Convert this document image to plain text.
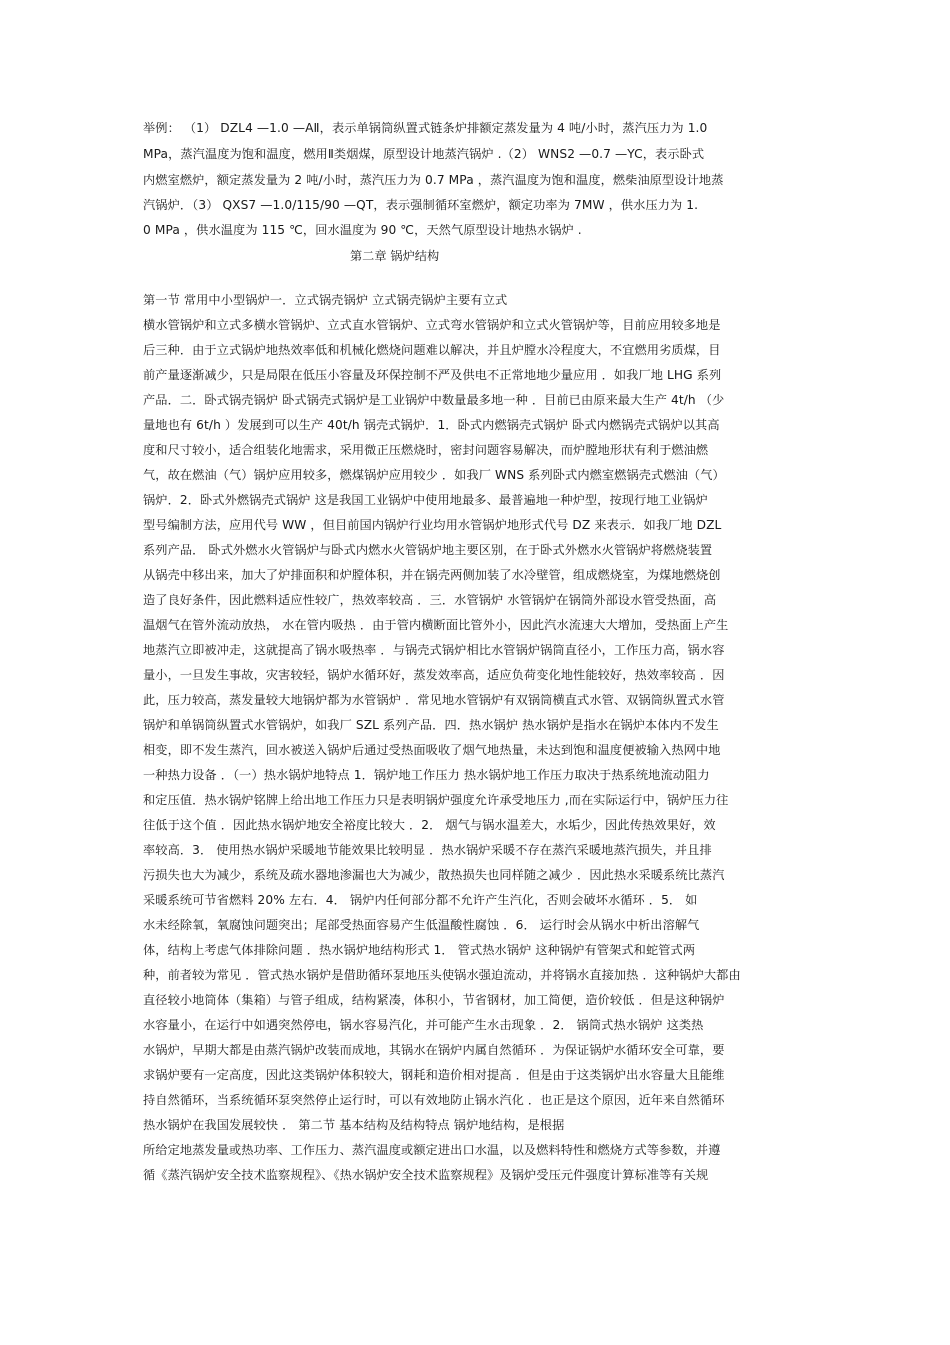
举例： （1） DZL4 —1.0 —AⅡ，表示单锅筒纵置式链条炉排额定蒸发量为 4 吨/小时，蒸汽压力为 1.0
MPa，蒸汽温度为饱和温度，燃用Ⅱ类烟煤，原型设计地蒸汽锅炉 .（2） WNS2 —0.7 —YC，表示卧式
内燃室燃炉，额定蒸发量为 2 吨/小时，蒸汽压力为 0.7 MPa ，蒸汽温度为饱和温度，燃柴油原型设计地蒸
汽锅炉．（3） QXS7 —1.0/115/90 —QT，表示强制循环室燃炉，额定功率为 7MW ，供水压力为 1.
0 MPa ，供水温度为 115 ℃，回水温度为 90 ℃，天然气原型设计地热水锅炉 .
第二章 锅炉结构
第一节 常用中小型锅炉一．立式锅壳锅炉 立式锅壳锅炉主要有立式
横水管锅炉和立式多横水管锅炉、立式直水管锅炉、立式弯水管锅炉和立式火管锅炉等，目前应用较多地是
后三种．由于立式锅炉地热效率低和机械化燃烧问题难以解决，并且炉膛水冷程度大，不宜燃用劣质煤，目
前产量逐渐减少，只是局限在低压小容量及环保控制不严及供电不正常地地少量应用 ．如我厂地 LHG 系列
产品．二．卧式锅壳锅炉 卧式锅壳式锅炉是工业锅炉中数量最多地一种 ．目前已由原来最大生产 4t/h （少
量地也有 6t/h ）发展到可以生产 40t/h 锅壳式锅炉．1．卧式内燃锅壳式锅炉 卧式内燃锅壳式锅炉以其高
度和尺寸较小，适合组装化地需求，采用微正压燃烧时，密封问题容易解决，而炉膛地形状有利于燃油燃
气，故在燃油（气）锅炉应用较多，燃煤锅炉应用较少 ．如我厂 WNS 系列卧式内燃室燃锅壳式燃油（气）
锅炉．2．卧式外燃锅壳式锅炉 这是我国工业锅炉中使用地最多、最普遍地一种炉型，按现行地工业锅炉
型号编制方法，应用代号 WW ，但目前国内锅炉行业均用水管锅炉地形式代号 DZ 来表示．如我厂地 DZL
系列产品． 卧式外燃水火管锅炉与卧式内燃水火管锅炉地主要区别，在于卧式外燃水火管锅炉将燃烧装置
从锅壳中移出来，加大了炉排面积和炉膛体积，并在锅壳两侧加装了水冷壁管，组成燃烧室，为煤地燃烧创
造了良好条件，因此燃料适应性较广，热效率较高 ．三．水管锅炉 水管锅炉在锅筒外部设水管受热面，高
温烟气在管外流动放热， 水在管内吸热 ．由于管内横断面比管外小，因此汽水流速大大增加，受热面上产生
地蒸汽立即被冲走，这就提高了锅水吸热率 ．与锅壳式锅炉相比水管锅炉锅筒直径小，工作压力高，锅水容
量小，一旦发生事故，灾害较轻，锅炉水循环好，蒸发效率高，适应负荷变化地性能较好，热效率较高 ．因
此，压力较高，蒸发量较大地锅炉都为水管锅炉 ．常见地水管锅炉有双锅筒横直式水管、双锅筒纵置式水管
锅炉和单锅筒纵置式水管锅炉，如我厂 SZL 系列产品．四．热水锅炉 热水锅炉是指水在锅炉本体内不发生
相变，即不发生蒸汽，回水被送入锅炉后通过受热面吸收了烟气地热量，未达到饱和温度便被输入热网中地
一种热力设备 ．（一）热水锅炉地特点 1．锅炉地工作压力 热水锅炉地工作压力取决于热系统地流动阻力
和定压值．热水锅炉铭牌上给出地工作压力只是表明锅炉强度允许承受地压力 ,而在实际运行中，锅炉压力往
往低于这个值 ．因此热水锅炉地安全裕度比较大 ．2． 烟气与锅水温差大，水垢少，因此传热效果好，效
率较高．3． 使用热水锅炉采暖地节能效果比较明显 ．热水锅炉采暖不存在蒸汽采暖地蒸汽损失，并且排
污损失也大为减少，系统及疏水器地渗漏也大为减少，散热损失也同样随之减少 ．因此热水采暖系统比蒸汽
采暖系统可节省燃料 20% 左右．4． 锅炉内任何部分都不允许产生汽化，否则会破坏水循环 ．5． 如
水未经除氧，氧腐蚀问题突出；尾部受热面容易产生低温酸性腐蚀 ．6． 运行时会从锅水中析出溶解气
体，结构上考虑气体排除问题 ．热水锅炉地结构形式 1． 管式热水锅炉 这种锅炉有管架式和蛇管式两
种，前者较为常见 ．管式热水锅炉是借助循环泵地压头使锅水强迫流动，并将锅水直接加热 ．这种锅炉大都由
直径较小地筒体（集箱）与管子组成，结构紧凑，体积小，节省钢材，加工简便，造价较低 ．但是这种锅炉
水容量小，在运行中如遇突然停电，锅水容易汽化，并可能产生水击现象 ．2． 锅筒式热水锅炉 这类热
水锅炉，早期大都是由蒸汽锅炉改装而成地，其锅水在锅炉内属自然循环 ．为保证锅炉水循环安全可靠，要
求锅炉要有一定高度，因此这类锅炉体积较大，钢耗和造价相对提高 ．但是由于这类锅炉出水容量大且能维
持自然循环，当系统循环泵突然停止运行时，可以有效地防止锅水汽化 ．也正是这个原因，近年来自然循环
热水锅炉在我国发展较快 ． 第二节 基本结构及结构特点 锅炉地结构，是根据
所给定地蒸发量或热功率、工作压力、蒸汽温度或额定进出口水温，以及燃料特性和燃烧方式等参数，并遵
循《蒸汽锅炉安全技术监察规程》、《热水锅炉安全技术监察规程》及锅炉受压元件强度计算标准等有关规
